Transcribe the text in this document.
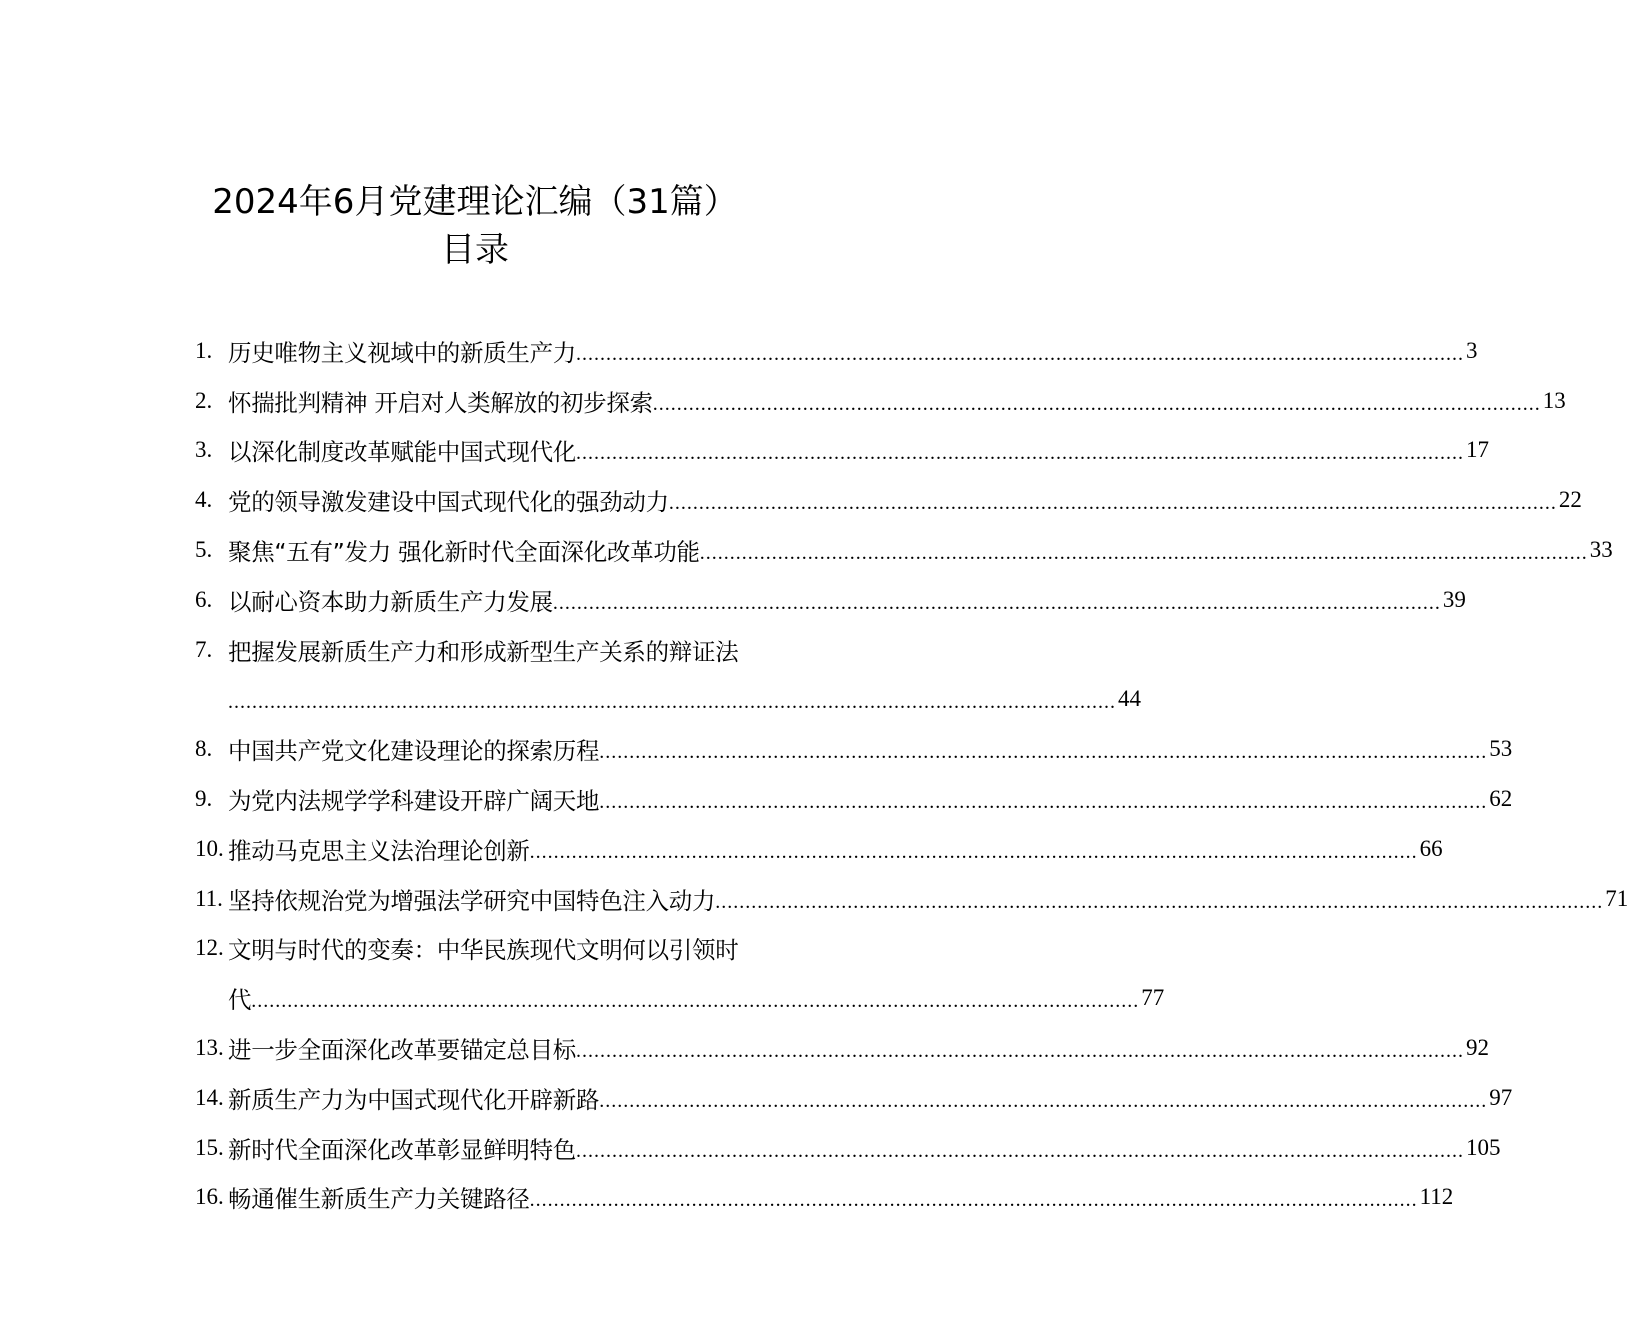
2024年6月党建理论汇编（31篇）
目录
1. 历史唯物主义视域中的新质生产力 .................................................................................................................................................... 3
2. 怀揣批判精神 开启对人类解放的初步探索 .................................................................................................................................................... 13
3. 以深化制度改革赋能中国式现代化 .................................................................................................................................................... 17
4. 党的领导激发建设中国式现代化的强劲动力 .................................................................................................................................................... 22
5. 聚焦“五有”发力 强化新时代全面深化改革功能 .................................................................................................................................................... 33
6. 以耐心资本助力新质生产力发展 .................................................................................................................................................... 39
7. 把握发展新质生产力和形成新型生产关系的辩证法
.................................................................................................................................................... 44
8. 中国共产党文化建设理论的探索历程 .................................................................................................................................................... 53
9. 为党内法规学学科建设开辟广阔天地 .................................................................................................................................................... 62
10. 推动马克思主义法治理论创新 .................................................................................................................................................... 66
11. 坚持依规治党为增强法学研究中国特色注入动力 .................................................................................................................................................... 71
12. 文明与时代的变奏：中华民族现代文明何以引领时
代 .................................................................................................................................................... 77
13. 进一步全面深化改革要锚定总目标 .................................................................................................................................................... 92
14. 新质生产力为中国式现代化开辟新路 .................................................................................................................................................... 97
15. 新时代全面深化改革彰显鲜明特色 .................................................................................................................................................... 105
16. 畅通催生新质生产力关键路径 .................................................................................................................................................... 112
